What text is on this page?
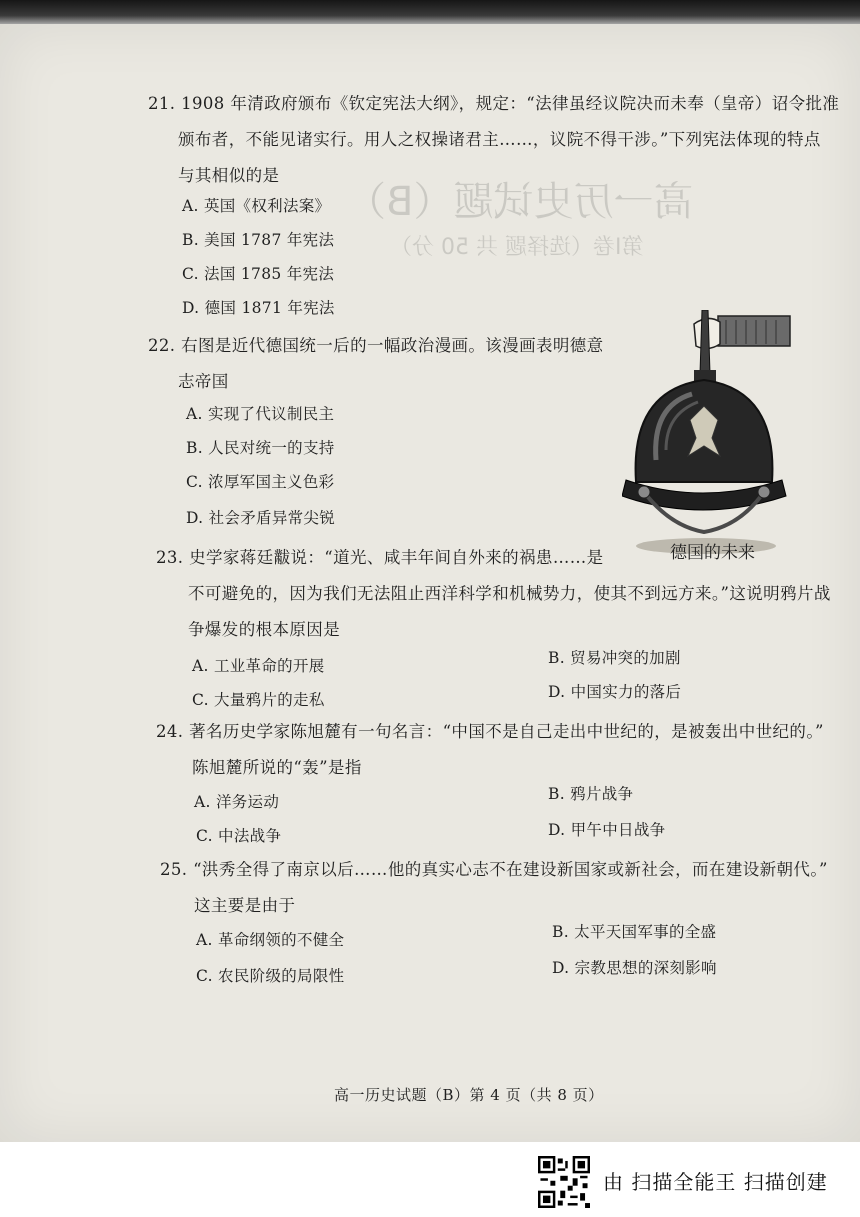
高一历史试题（B）
第Ⅰ卷（选择题 共 50 分）
21. 1908 年清政府颁布《钦定宪法大纲》，规定：“法律虽经议院决而未奉（皇帝）诏令批准
颁布者，不能见诸实行。用人之权操诸君主……，议院不得干涉。”下列宪法体现的特点
与其相似的是
A. 英国《权利法案》
B. 美国 1787 年宪法
C. 法国 1785 年宪法
D. 德国 1871 年宪法
22. 右图是近代德国统一后的一幅政治漫画。该漫画表明德意
志帝国
A. 实现了代议制民主
B. 人民对统一的支持
C. 浓厚军国主义色彩
D. 社会矛盾异常尖锐
德国的未来
23. 史学家蒋廷黻说：“道光、咸丰年间自外来的祸患……是
不可避免的，因为我们无法阻止西洋科学和机械势力，使其不到远方来。”这说明鸦片战
争爆发的根本原因是
A. 工业革命的开展	B. 贸易冲突的加剧
C. 大量鸦片的走私	D. 中国实力的落后
24. 著名历史学家陈旭麓有一句名言：“中国不是自己走出中世纪的，是被轰出中世纪的。”
陈旭麓所说的“轰”是指
A. 洋务运动	B. 鸦片战争
C. 中法战争	D. 甲午中日战争
25. “洪秀全得了南京以后……他的真实心志不在建设新国家或新社会，而在建设新朝代。”
这主要是由于
A. 革命纲领的不健全	B. 太平天国军事的全盛
C. 农民阶级的局限性	D. 宗教思想的深刻影响
高一历史试题（B）第 4 页（共 8 页）
由 扫描全能王 扫描创建
